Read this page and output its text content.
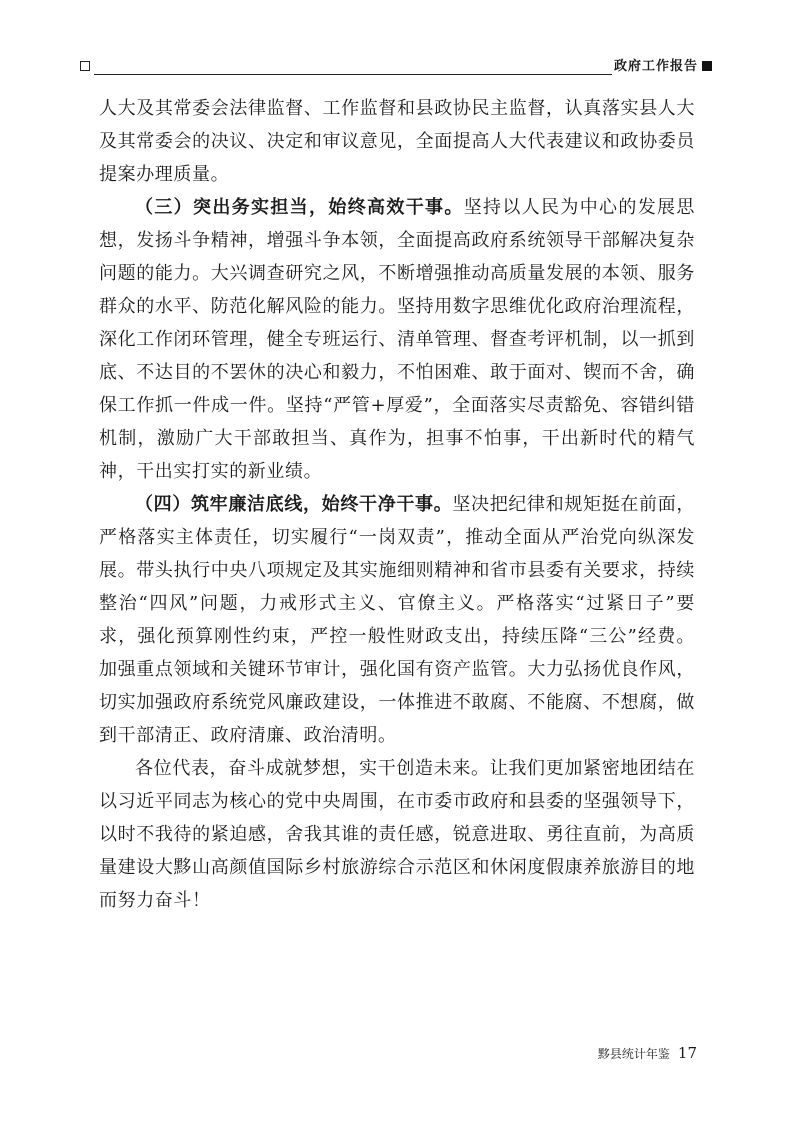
政府工作报告

人大及其常委会法律监督、工作监督和县政协民主监督，认真落实县人大及其常委会的决议、决定和审议意见，全面提高人大代表建议和政协委员提案办理质量。

（三）突出务实担当，始终高效干事。坚持以人民为中心的发展思想，发扬斗争精神，增强斗争本领，全面提高政府系统领导干部解决复杂问题的能力。大兴调查研究之风，不断增强推动高质量发展的本领、服务群众的水平、防范化解风险的能力。坚持用数字思维优化政府治理流程，深化工作闭环管理，健全专班运行、清单管理、督查考评机制，以一抓到底、不达目的不罢休的决心和毅力，不怕困难、敢于面对、锲而不舍，确保工作抓一件成一件。坚持“严管+厚爱”，全面落实尽责豁免、容错纠错机制，激励广大干部敢担当、真作为，担事不怕事，干出新时代的精气神，干出实打实的新业绩。

（四）筑牢廉洁底线，始终干净干事。坚决把纪律和规矩挺在前面，严格落实主体责任，切实履行“一岗双责”，推动全面从严治党向纵深发展。带头执行中央八项规定及其实施细则精神和省市县委有关要求，持续整治“四风”问题，力戒形式主义、官僚主义。严格落实“过紧日子”要求，强化预算刚性约束，严控一般性财政支出，持续压降“三公”经费。加强重点领域和关键环节审计，强化国有资产监管。大力弘扬优良作风，切实加强政府系统党风廉政建设，一体推进不敢腐、不能腐、不想腐，做到干部清正、政府清廉、政治清明。

各位代表，奋斗成就梦想，实干创造未来。让我们更加紧密地团结在以习近平同志为核心的党中央周围，在市委市政府和县委的坚强领导下，以时不我待的紧迫感，舍我其谁的责任感，锐意进取、勇往直前，为高质量建设大黟山高颜值国际乡村旅游综合示范区和休闲度假康养旅游目的地而努力奋斗！

黟县统计年鉴 17
